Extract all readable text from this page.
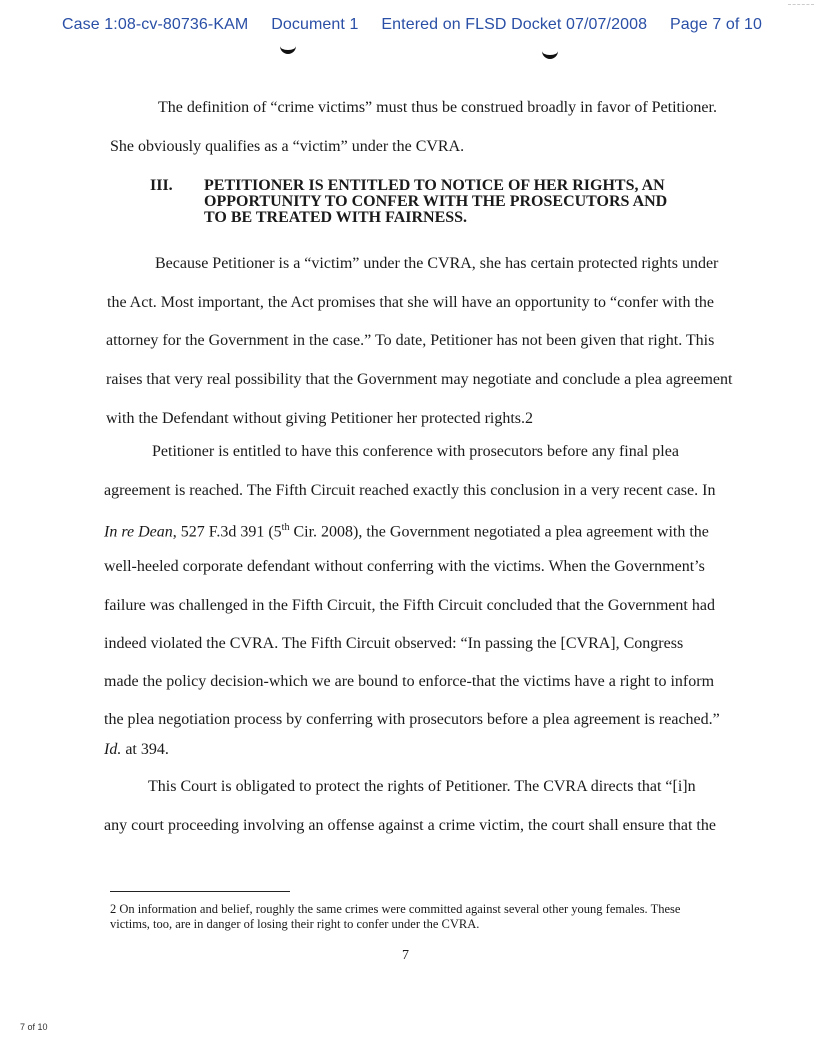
Case 1:08-cv-80736-KAM Document 1 Entered on FLSD Docket 07/07/2008 Page 7 of 10
The definition of “crime victims” must thus be construed broadly in favor of Petitioner.
She obviously qualifies as a “victim” under the CVRA.
III. PETITIONER IS ENTITLED TO NOTICE OF HER RIGHTS, AN
OPPORTUNITY TO CONFER WITH THE PROSECUTORS AND
TO BE TREATED WITH FAIRNESS.
Because Petitioner is a “victim” under the CVRA, she has certain protected rights under
the Act. Most important, the Act promises that she will have an opportunity to “confer with the
attorney for the Government in the case.” To date, Petitioner has not been given that right. This
raises that very real possibility that the Government may negotiate and conclude a plea agreement
with the Defendant without giving Petitioner her protected rights.2
Petitioner is entitled to have this conference with prosecutors before any final plea
agreement is reached. The Fifth Circuit reached exactly this conclusion in a very recent case. In
In re Dean, 527 F.3d 391 (5th Cir. 2008), the Government negotiated a plea agreement with the
well-heeled corporate defendant without conferring with the victims. When the Government’s
failure was challenged in the Fifth Circuit, the Fifth Circuit concluded that the Government had
indeed violated the CVRA. The Fifth Circuit observed: “In passing the [CVRA], Congress
made the policy decision-which we are bound to enforce-that the victims have a right to inform
the plea negotiation process by conferring with prosecutors before a plea agreement is reached.”
Id. at 394.
This Court is obligated to protect the rights of Petitioner. The CVRA directs that “[i]n
any court proceeding involving an offense against a crime victim, the court shall ensure that the
2 On information and belief, roughly the same crimes were committed against several other young females. These
victims, too, are in danger of losing their right to confer under the CVRA.
7
7 of 10
